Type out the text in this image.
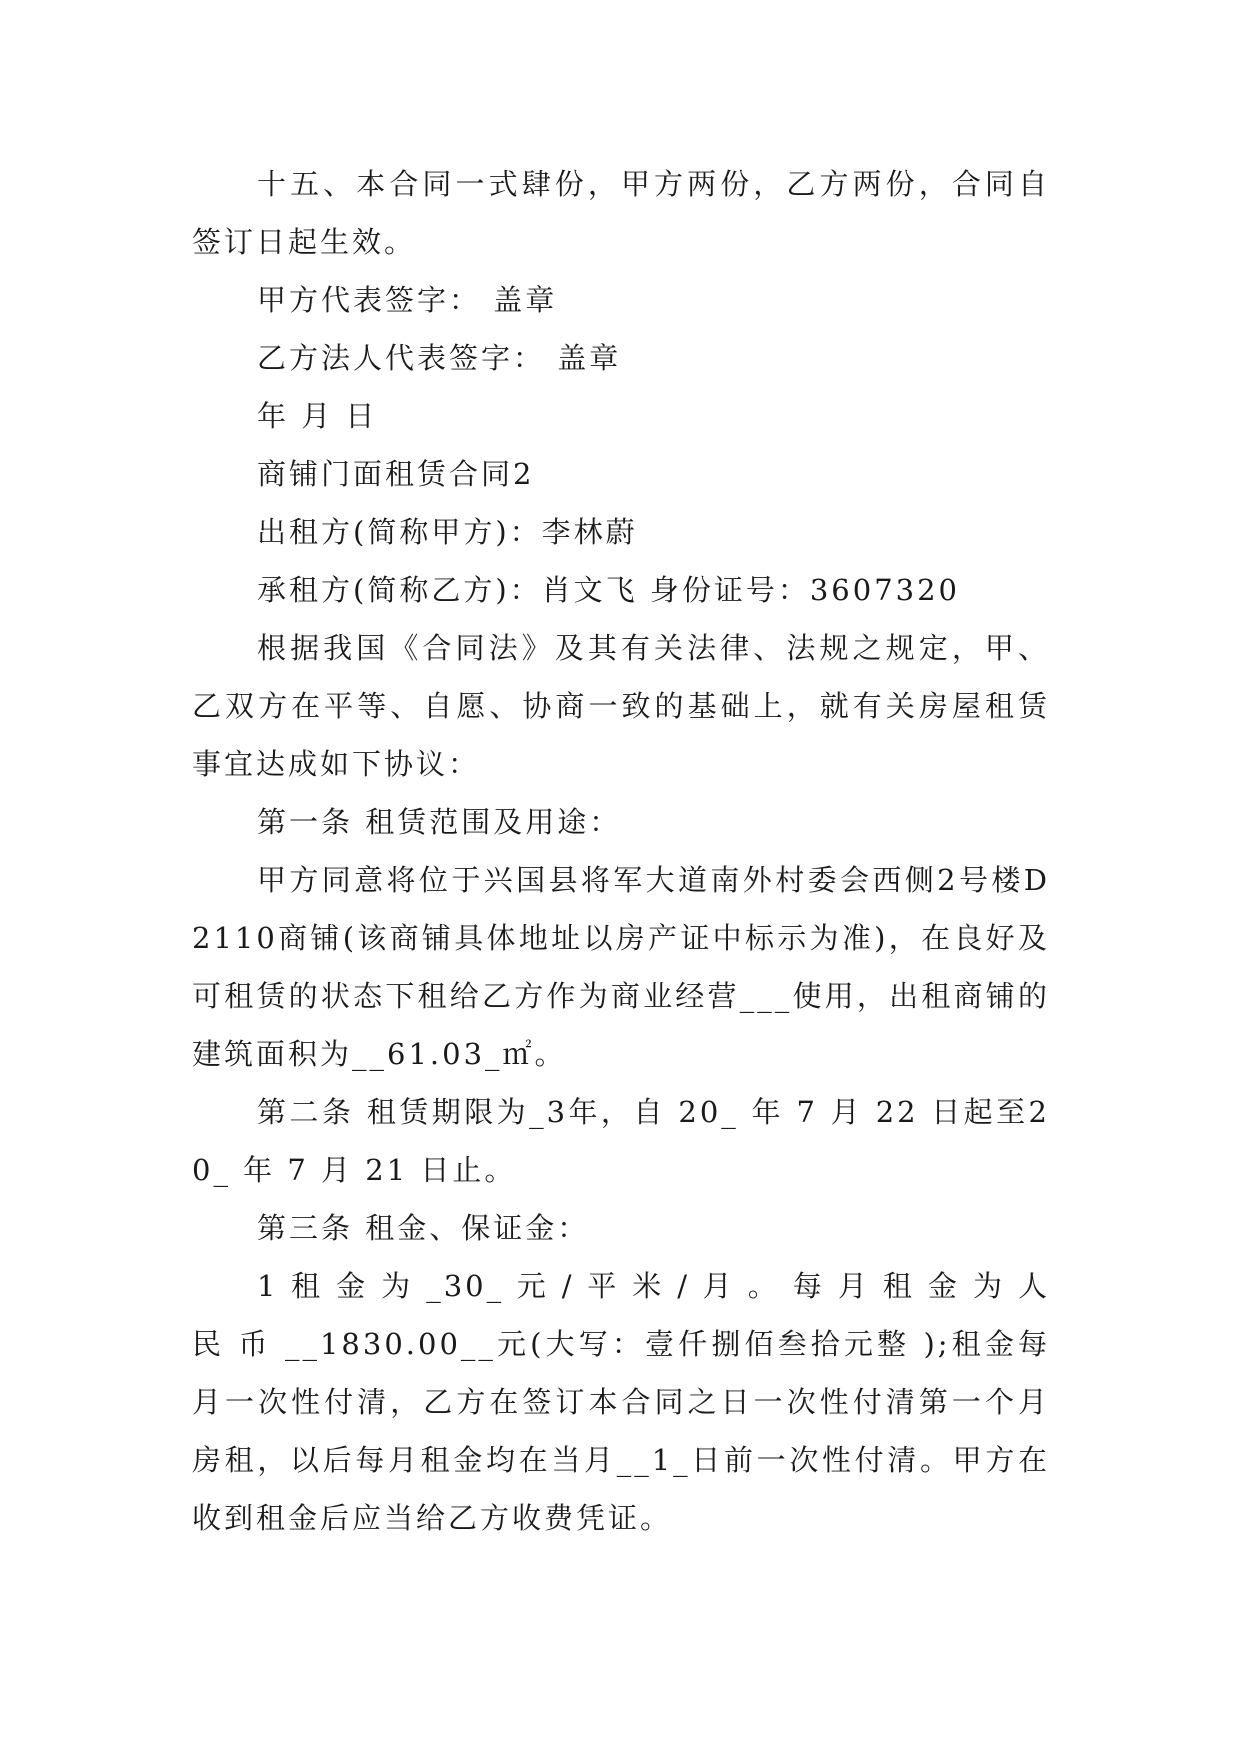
十五、本合同一式肆份，甲方两份，乙方两份，合同自签订日起生效。

甲方代表签字： 盖章

乙方法人代表签字： 盖章

年 月 日

商铺门面租赁合同2

出租方(简称甲方)：李林蔚

承租方(简称乙方)：肖文飞 身份证号：3607320

根据我国《合同法》及其有关法律、法规之规定，甲、乙双方在平等、自愿、协商一致的基础上，就有关房屋租赁事宜达成如下协议：

第一条 租赁范围及用途：

甲方同意将位于兴国县将军大道南外村委会西侧2号楼D2110商铺(该商铺具体地址以房产证中标示为准)，在良好及可租赁的状态下租给乙方作为商业经营___使用，出租商铺的建筑面积为__61.03_㎡。

第二条 租赁期限为_3年，自 20_ 年 7 月 22 日起至20_ 年 7 月 21 日止。

第三条 租金、保证金：

1 租 金 为 _30_ 元 / 平 米 / 月 。 每 月 租 金 为 人 民 币 __1830.00__元(大写：壹仟捌佰叁拾元整 );租金每月一次性付清，乙方在签订本合同之日一次性付清第一个月房租，以后每月租金均在当月__1_日前一次性付清。甲方在收到租金后应当给乙方收费凭证。
